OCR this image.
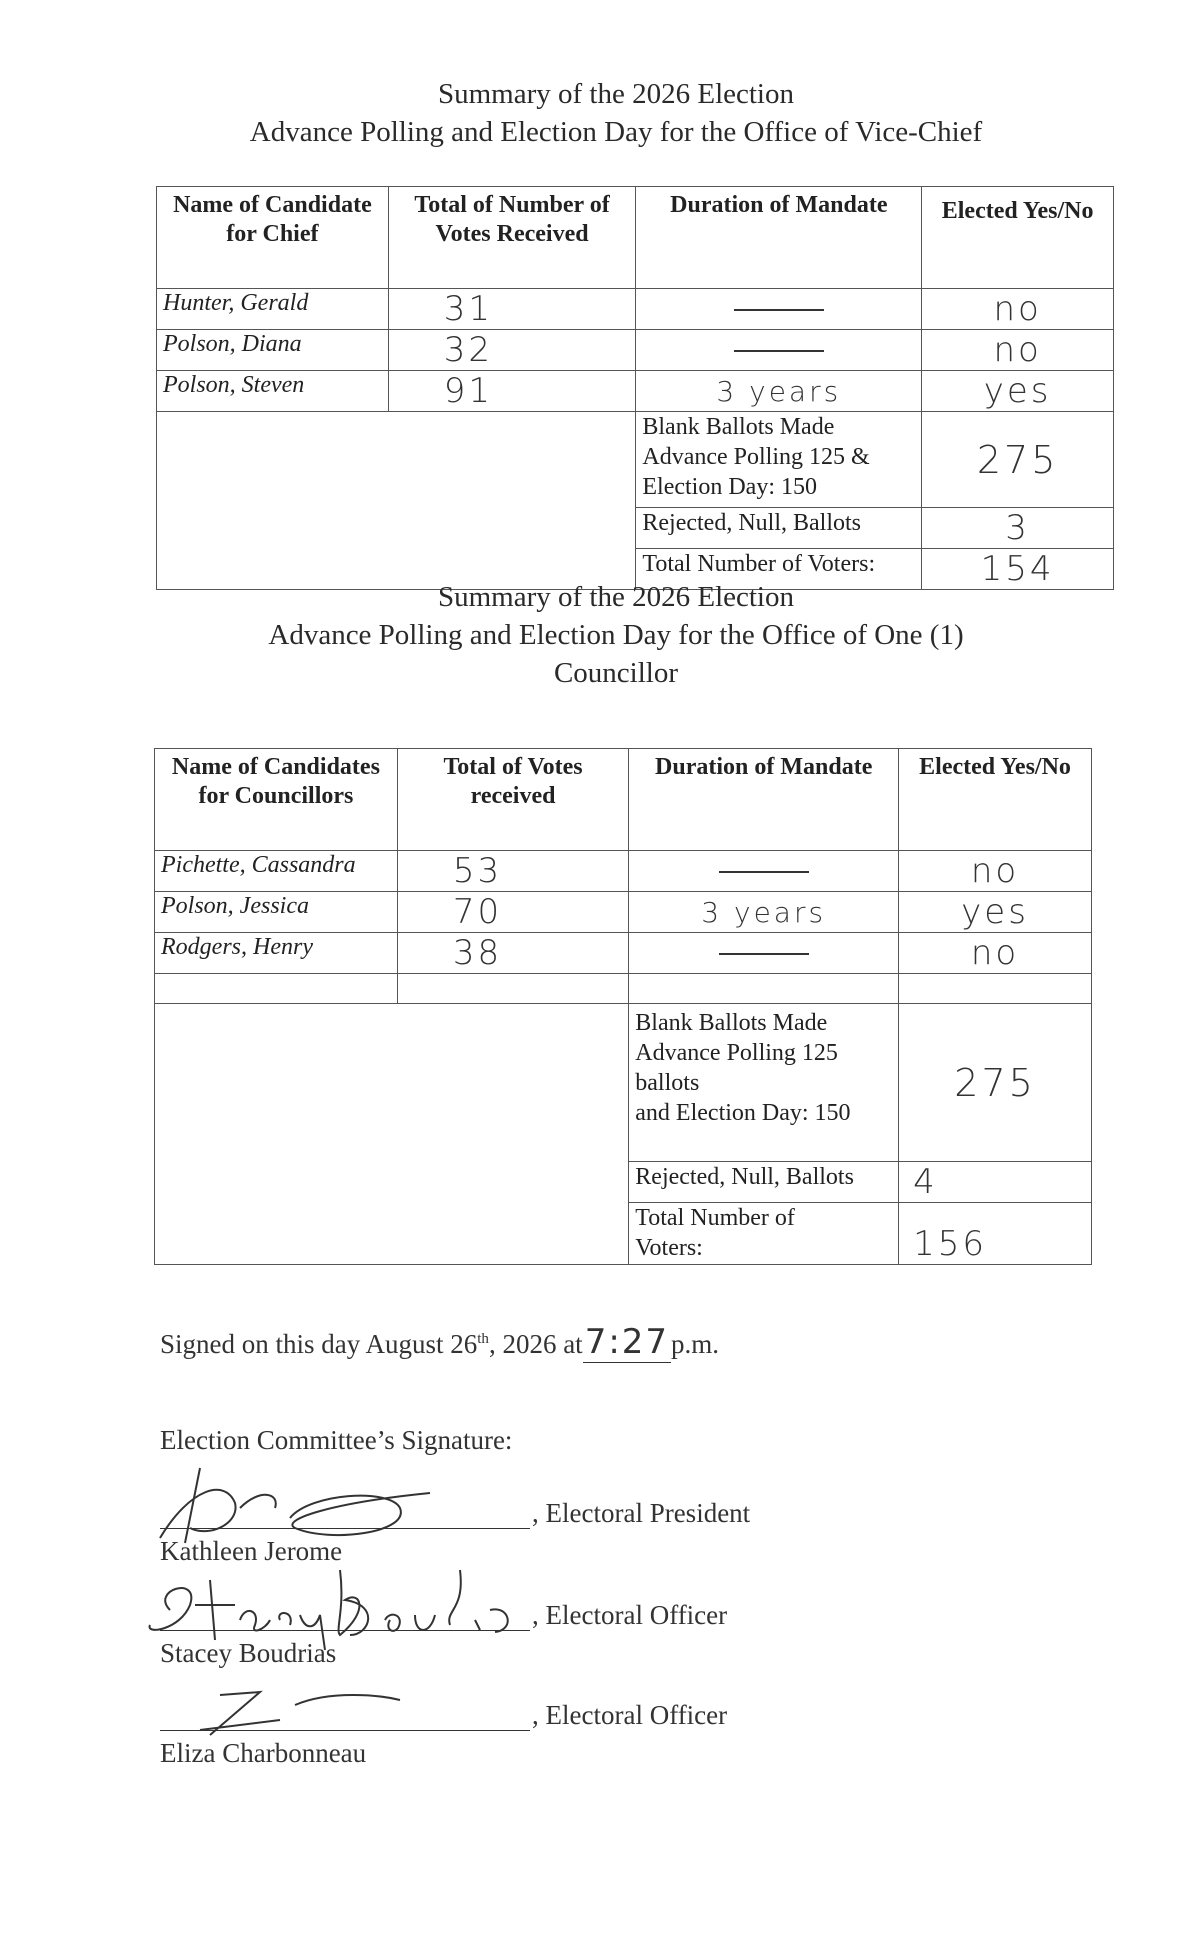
Summary of the 2026 Election
Advance Polling and Election Day for the Office of Vice-Chief
Name of Candidate for Chief	Total of Number of Votes Received	Duration of Mandate	Elected Yes/No
Hunter, Gerald	31		no
Polson, Diana	32		no
Polson, Steven	91	3 years	yes

		Blank Ballots Made
Advance Polling 125 &
Election Day: 150	275
		Rejected, Null, Ballots	3
		Total Number of Voters:	154
Summary of the 2026 Election
Advance Polling and Election Day for the Office of One (1)
Councillor
Name of Candidates for Councillors	Total of Votes received	Duration of Mandate	Elected Yes/No
Pichette, Cassandra	53		no
Polson, Jessica	70	3 years	yes
Rodgers, Henry	38		no

		Blank Ballots Made
Advance Polling 125
ballots
and Election Day: 150	275
		Rejected, Null, Ballots	4

		Total Number of
Voters:	156
Signed on this day August 26th, 2026 at7:27p.m.
Election Committee’s Signature:
, Electoral President
Kathleen Jerome
, Electoral Officer
Stacey Boudrias
, Electoral Officer
Eliza Charbonneau
